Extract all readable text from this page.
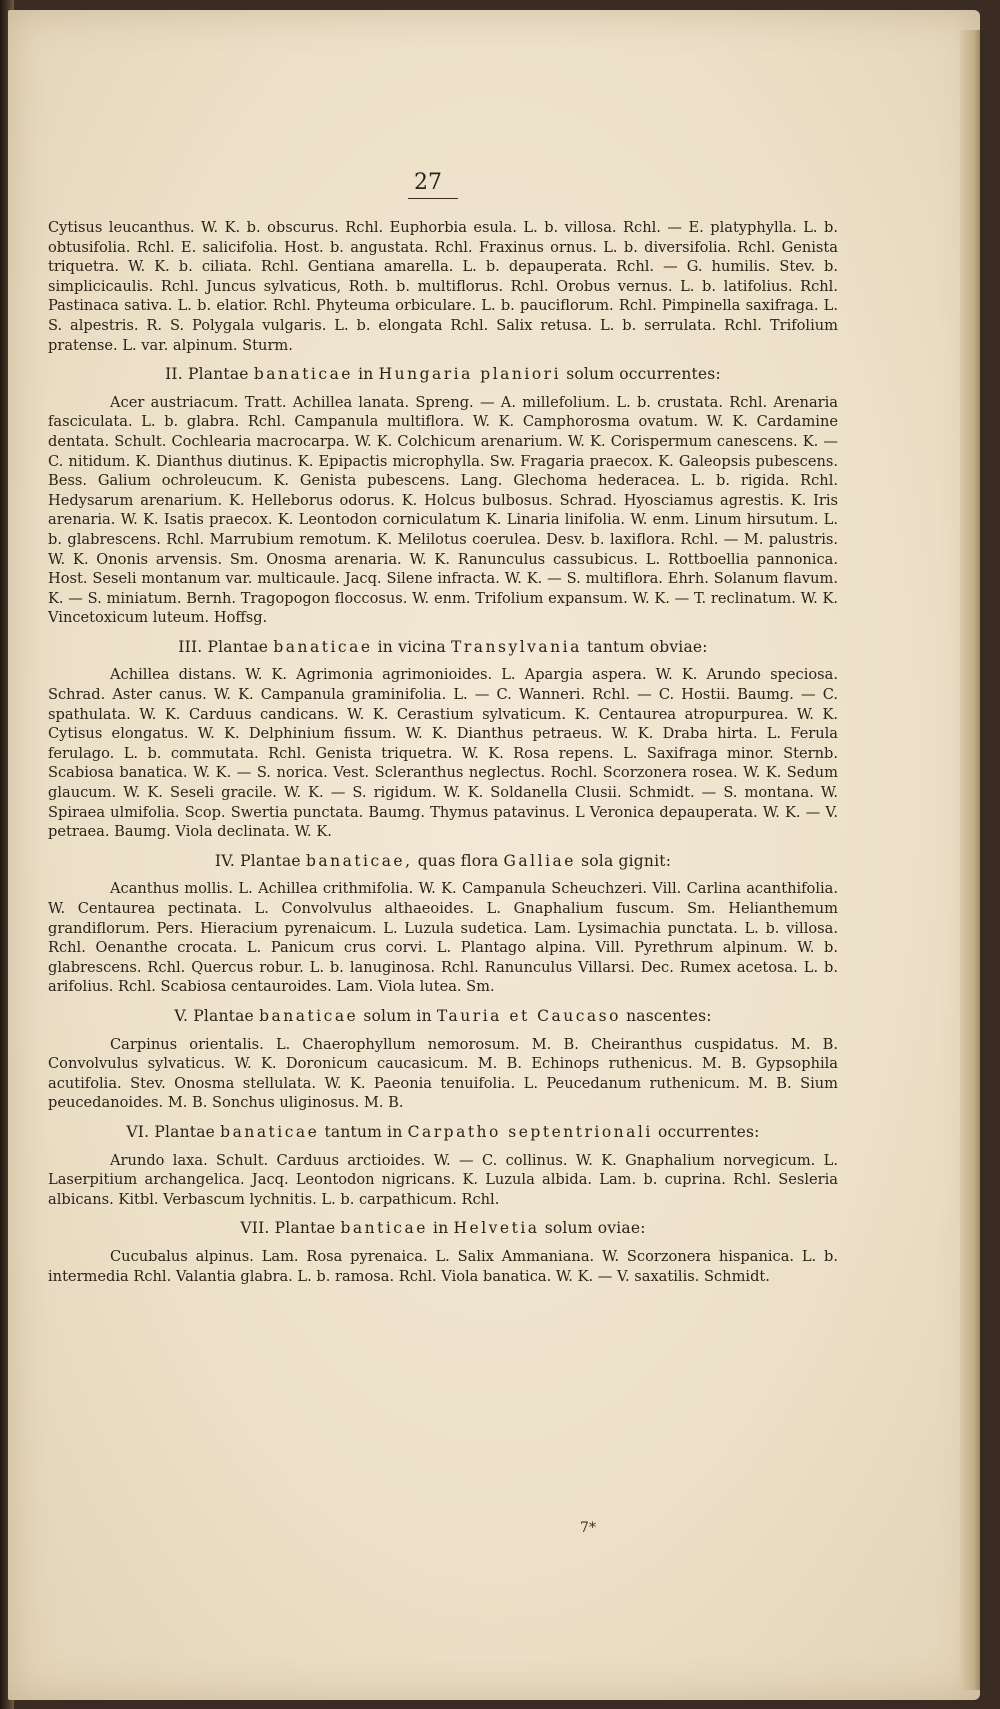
27

Cytisus leucanthus. W. K. b. obscurus. Rchl. Euphorbia esula. L. b. villosa. Rchl. — E. platyphylla. L. b. obtusifolia. Rchl. E. salicifolia. Host. b. angustata. Rchl. Fraxinus ornus. L. b. diversifolia. Rchl. Genista triquetra. W. K. b. ciliata. Rchl. Gentiana amarella. L. b. depauperata. Rchl. — G. humilis. Stev. b. simplicicaulis. Rchl. Juncus sylvaticus, Roth. b. multiflorus. Rchl. Orobus vernus. L. b. latifolius. Rchl. Pastinaca sativa. L. b. elatior. Rchl. Phyteuma orbiculare. L. b. pauciflorum. Rchl. Pimpinella saxifraga. L. S. alpestris. R. S. Polygala vulgaris. L. b. elongata Rchl. Salix retusa. L. b. serrulata. Rchl. Trifolium pratense. L. var. alpinum. Sturm.

II. Plantae banaticae in Hungaria planiori solum occurrentes:

Acer austriacum. Tratt. Achillea lanata. Spreng. — A. millefolium. L. b. crustata. Rchl. Arenaria fasciculata. L. b. glabra. Rchl. Campanula multiflora. W. K. Camphorosma ovatum. W. K. Cardamine dentata. Schult. Cochlearia macrocarpa. W. K. Colchicum arenarium. W. K. Corispermum canescens. K. — C. nitidum. K. Dianthus diutinus. K. Epipactis microphylla. Sw. Fragaria praecox. K. Galeopsis pubescens. Bess. Galium ochroleucum. K. Genista pubescens. Lang. Glechoma hederacea. L. b. rigida. Rchl. Hedysarum arenarium. K. Helleborus odorus. K. Holcus bulbosus. Schrad. Hyosciamus agrestis. K. Iris arenaria. W. K. Isatis praecox. K. Leontodon corniculatum K. Linaria linifolia. W. enm. Linum hirsutum. L. b. glabrescens. Rchl. Marrubium remotum. K. Melilotus coerulea. Desv. b. laxiflora. Rchl. — M. palustris. W. K. Ononis arvensis. Sm. Onosma arenaria. W. K. Ranunculus cassubicus. L. Rottboellia pannonica. Host. Seseli montanum var. multicaule. Jacq. Silene infracta. W. K. — S. multiflora. Ehrh. Solanum flavum. K. — S. miniatum. Bernh. Tragopogon floccosus. W. enm. Trifolium expansum. W. K. — T. reclinatum. W. K. Vincetoxicum luteum. Hoffsg.

III. Plantae banaticae in vicina Transylvania tantum obviae:

Achillea distans. W. K. Agrimonia agrimonioides. L. Apargia aspera. W. K. Arundo speciosa. Schrad. Aster canus. W. K. Campanula graminifolia. L. — C. Wanneri. Rchl. — C. Hostii. Baumg. — C. spathulata. W. K. Carduus candicans. W. K. Cerastium sylvaticum. K. Centaurea atropurpurea. W. K. Cytisus elongatus. W. K. Delphinium fissum. W. K. Dianthus petraeus. W. K. Draba hirta. L. Ferula ferulago. L. b. commutata. Rchl. Genista triquetra. W. K. Rosa repens. L. Saxifraga minor. Sternb. Scabiosa banatica. W. K. — S. norica. Vest. Scleranthus neglectus. Rochl. Scorzonera rosea. W. K. Sedum glaucum. W. K. Seseli gracile. W. K. — S. rigidum. W. K. Soldanella Clusii. Schmidt. — S. montana. W. Spiraea ulmifolia. Scop. Swertia punctata. Baumg. Thymus patavinus. L Veronica depauperata. W. K. — V. petraea. Baumg. Viola declinata. W. K.

IV. Plantae banaticae, quas flora Galliae sola gignit:

Acanthus mollis. L. Achillea crithmifolia. W. K. Campanula Scheuchzeri. Vill. Carlina acanthifolia. W. Centaurea pectinata. L. Convolvulus althaeoides. L. Gnaphalium fuscum. Sm. Helianthemum grandiflorum. Pers. Hieracium pyrenaicum. L. Luzula sudetica. Lam. Lysimachia punctata. L. b. villosa. Rchl. Oenanthe crocata. L. Panicum crus corvi. L. Plantago alpina. Vill. Pyrethrum alpinum. W. b. glabrescens. Rchl. Quercus robur. L. b. lanuginosa. Rchl. Ranunculus Villarsi. Dec. Rumex acetosa. L. b. arifolius. Rchl. Scabiosa centauroides. Lam. Viola lutea. Sm.

V. Plantae banaticae solum in Tauria et Caucaso nascentes:

Carpinus orientalis. L. Chaerophyllum nemorosum. M. B. Cheiranthus cuspidatus. M. B. Convolvulus sylvaticus. W. K. Doronicum caucasicum. M. B. Echinops ruthenicus. M. B. Gypsophila acutifolia. Stev. Onosma stellulata. W. K. Paeonia tenuifolia. L. Peucedanum ruthenicum. M. B. Sium peucedanoides. M. B. Sonchus uliginosus. M. B.

VI. Plantae banaticae tantum in Carpatho septentrionali occurrentes:

Arundo laxa. Schult. Carduus arctioides. W. — C. collinus. W. K. Gnaphalium norvegicum. L. Laserpitium archangelica. Jacq. Leontodon nigricans. K. Luzula albida. Lam. b. cuprina. Rchl. Sesleria albicans. Kitbl. Verbascum lychnitis. L. b. carpathicum. Rchl.

VII. Plantae banticae in Helvetia solum oviae:

Cucubalus alpinus. Lam. Rosa pyrenaica. L. Salix Ammaniana. W. Scorzonera hispanica. L. b. intermedia Rchl. Valantia glabra. L. b. ramosa. Rchl. Viola banatica. W. K. — V. saxatilis. Schmidt.

7*
